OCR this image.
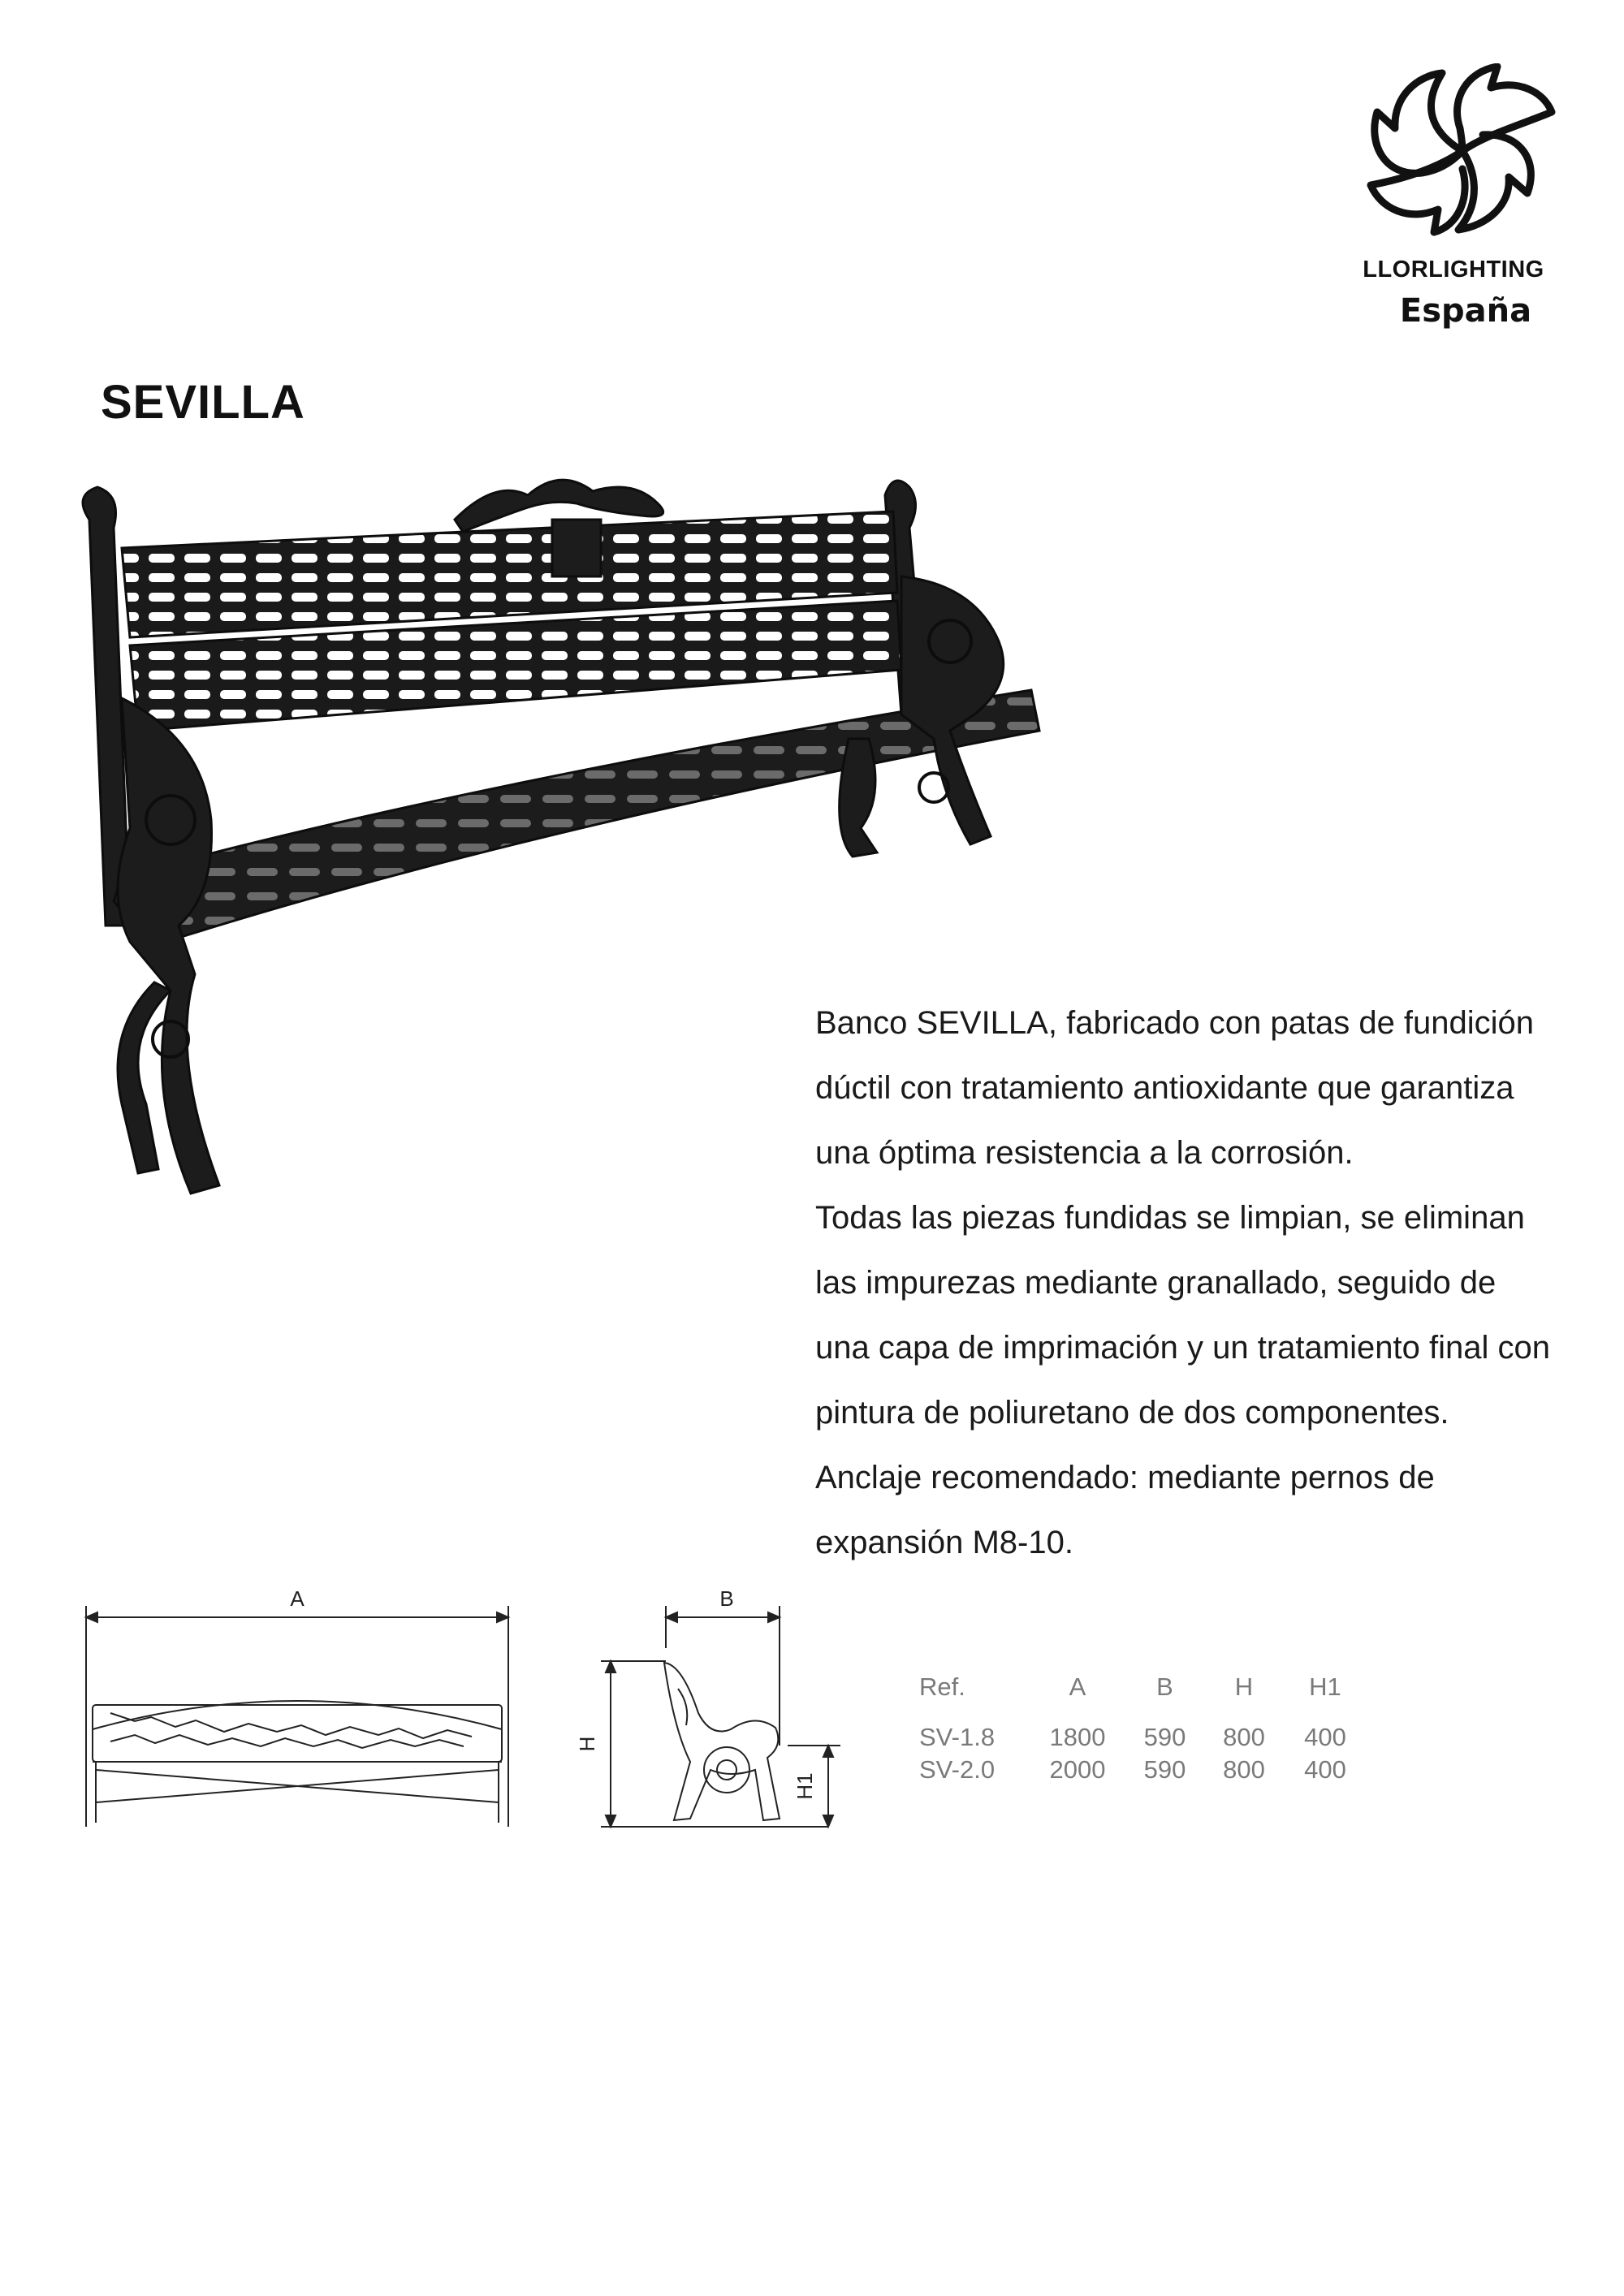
LLORLIGHTING
España
SEVILLA

Banco SEVILLA, fabricado con patas de fundición

dúctil con tratamiento antioxidante que garantiza

una óptima resistencia a la corrosión.

Todas las piezas fundidas se limpian, se eliminan

las impurezas mediante granallado, seguido de

una capa de imprimación y un tratamiento final con

pintura de poliuretano de dos componentes.

Anclaje recomendado: mediante pernos de

expansión M8-10.

A	B
H
H1
Ref.	A	B	H	H1
SV-1.8	1800	590	800	400
SV-2.0	2000	590	800	400
